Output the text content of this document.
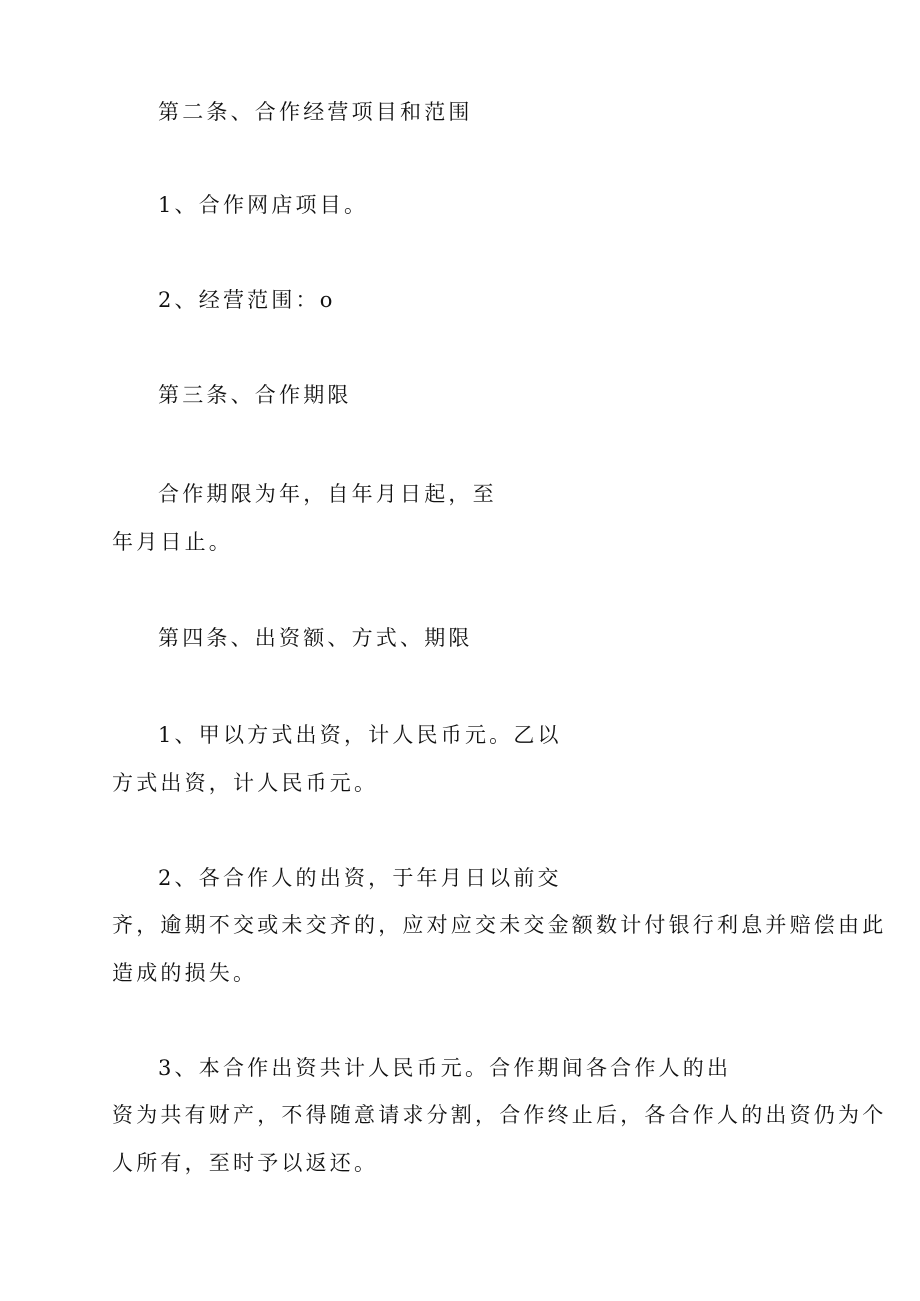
第二条、合作经营项目和范围
1、合作网店项目。
2、经营范围：o
第三条、合作期限
合作期限为年，自年月日起，至
年月日止。
第四条、出资额、方式、期限
1、甲以方式出资，计人民币元。乙以
方式出资，计人民币元。
2、各合作人的出资，于年月日以前交
齐，逾期不交或未交齐的，应对应交未交金额数计付银行利息并赔偿由此
造成的损失。
3、本合作出资共计人民币元。合作期间各合作人的出
资为共有财产，不得随意请求分割，合作终止后，各合作人的出资仍为个
人所有，至时予以返还。
